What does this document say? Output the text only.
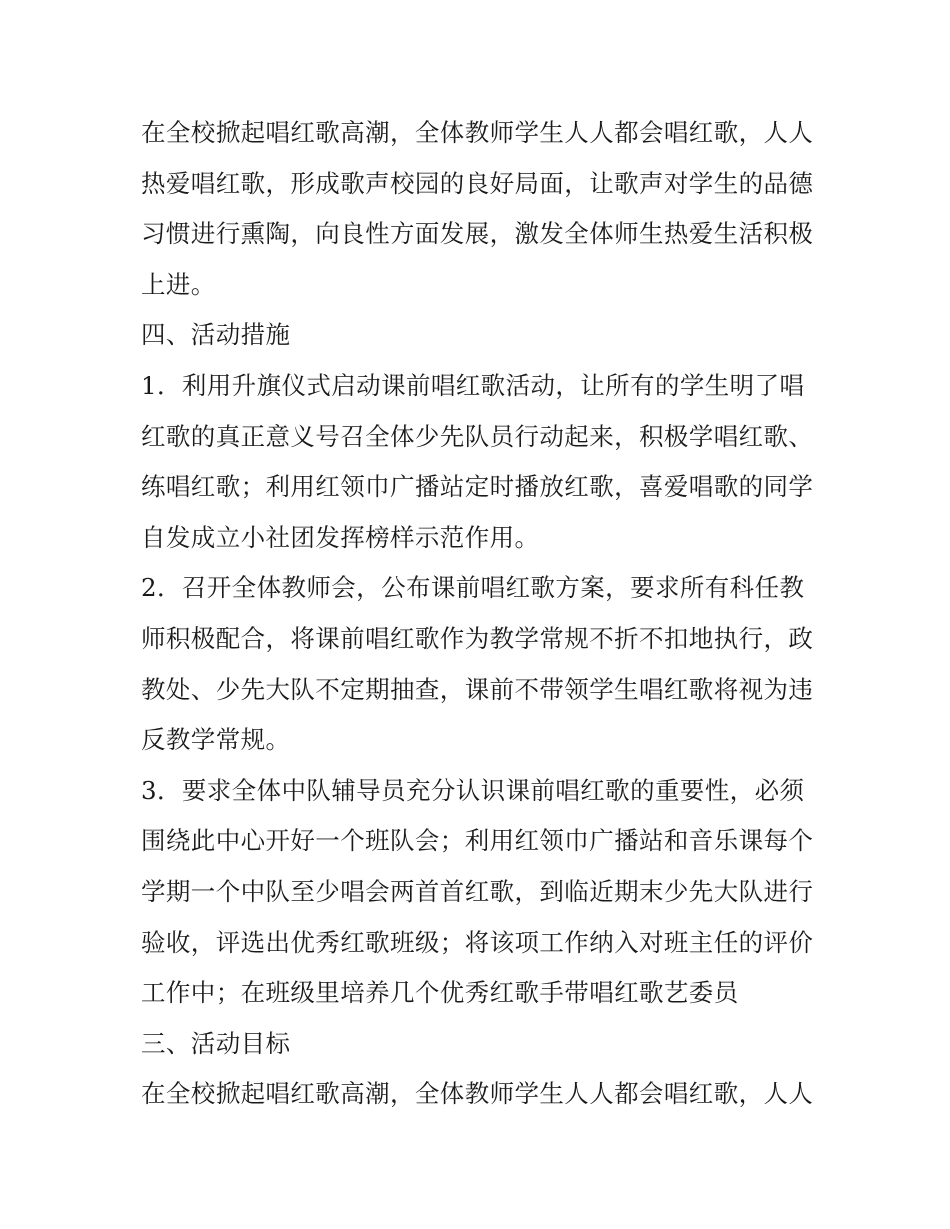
在全校掀起唱红歌高潮，全体教师学生人人都会唱红歌，人人
热爱唱红歌，形成歌声校园的良好局面，让歌声对学生的品德
习惯进行熏陶，向良性方面发展，激发全体师生热爱生活积极
上进。
四、活动措施
1．利用升旗仪式启动课前唱红歌活动，让所有的学生明了唱
红歌的真正意义号召全体少先队员行动起来，积极学唱红歌、
练唱红歌；利用红领巾广播站定时播放红歌，喜爱唱歌的同学
自发成立小社团发挥榜样示范作用。
2．召开全体教师会，公布课前唱红歌方案，要求所有科任教
师积极配合，将课前唱红歌作为教学常规不折不扣地执行，政
教处、少先大队不定期抽查，课前不带领学生唱红歌将视为违
反教学常规。
3．要求全体中队辅导员充分认识课前唱红歌的重要性，必须
围绕此中心开好一个班队会；利用红领巾广播站和音乐课每个
学期一个中队至少唱会两首首红歌，到临近期末少先大队进行
验收，评选出优秀红歌班级；将该项工作纳入对班主任的评价
工作中；在班级里培养几个优秀红歌手带唱红歌艺委员
三、活动目标
在全校掀起唱红歌高潮，全体教师学生人人都会唱红歌，人人
